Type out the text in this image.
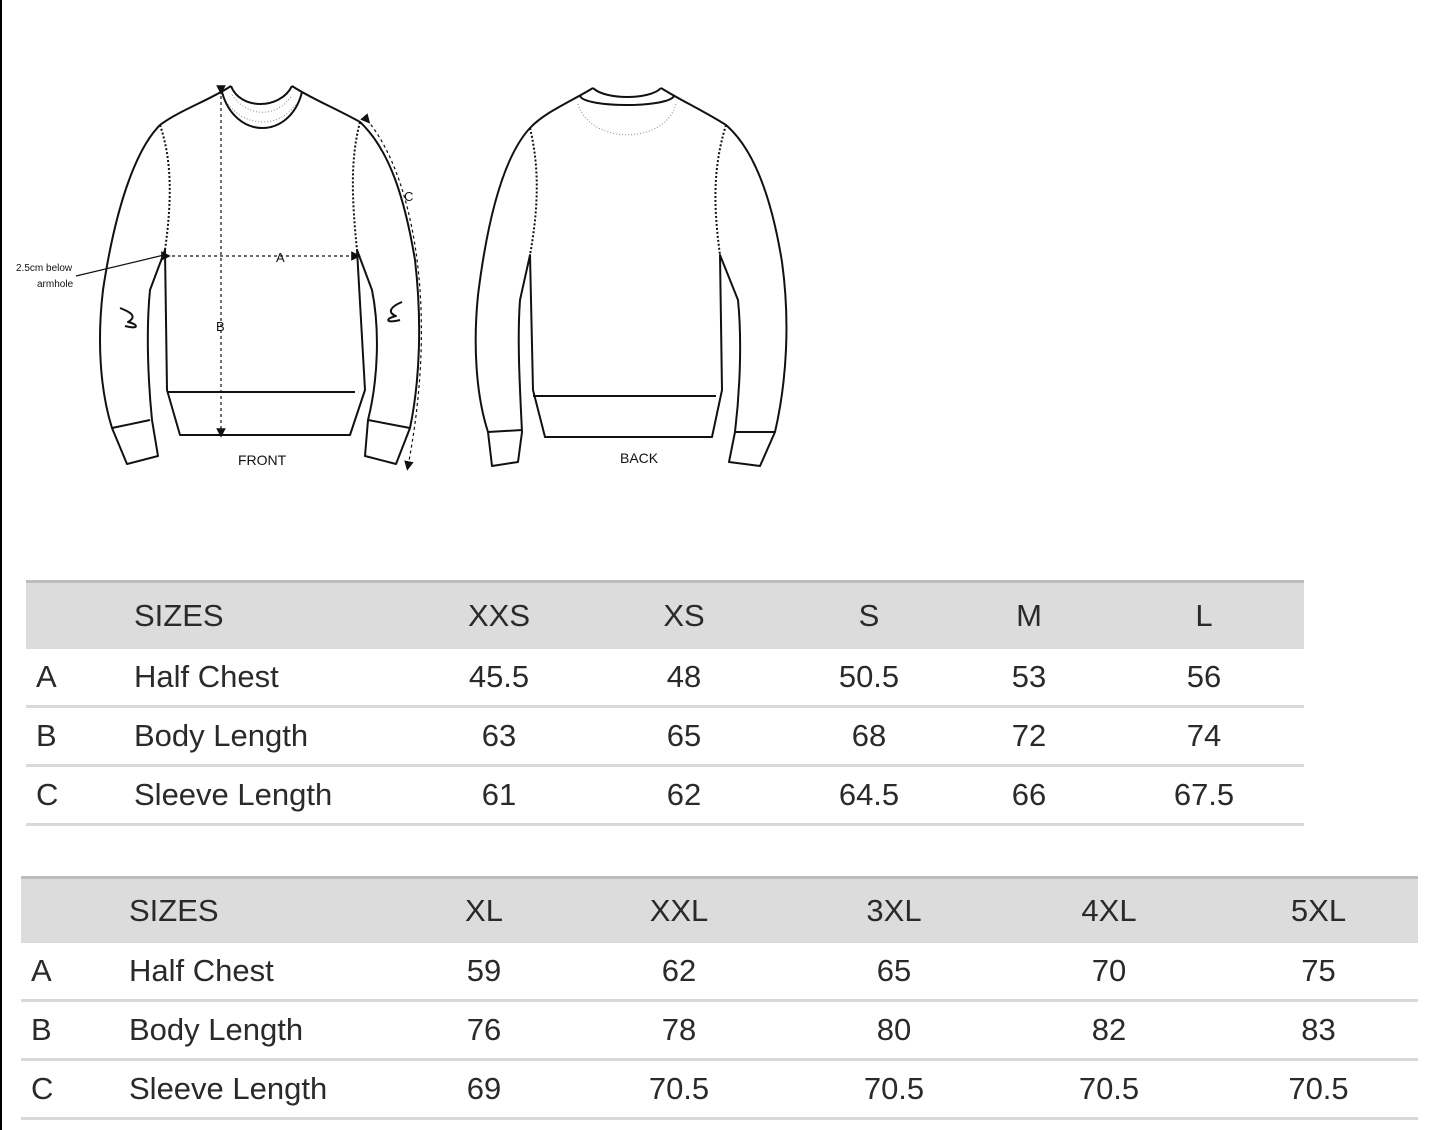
A
B
C
2.5cm below
armhole
FRONT	BACK
	SIZES	XXS	XS	S	M	L
A	Half Chest	45.5	48	50.5	53	56
B	Body Length	63	65	68	72	74
C	Sleeve Length	61	62	64.5	66	67.5
	SIZES	XL	XXL	3XL	4XL	5XL
A	Half Chest	59	62	65	70	75
B	Body Length	76	78	80	82	83
C	Sleeve Length	69	70.5	70.5	70.5	70.5
